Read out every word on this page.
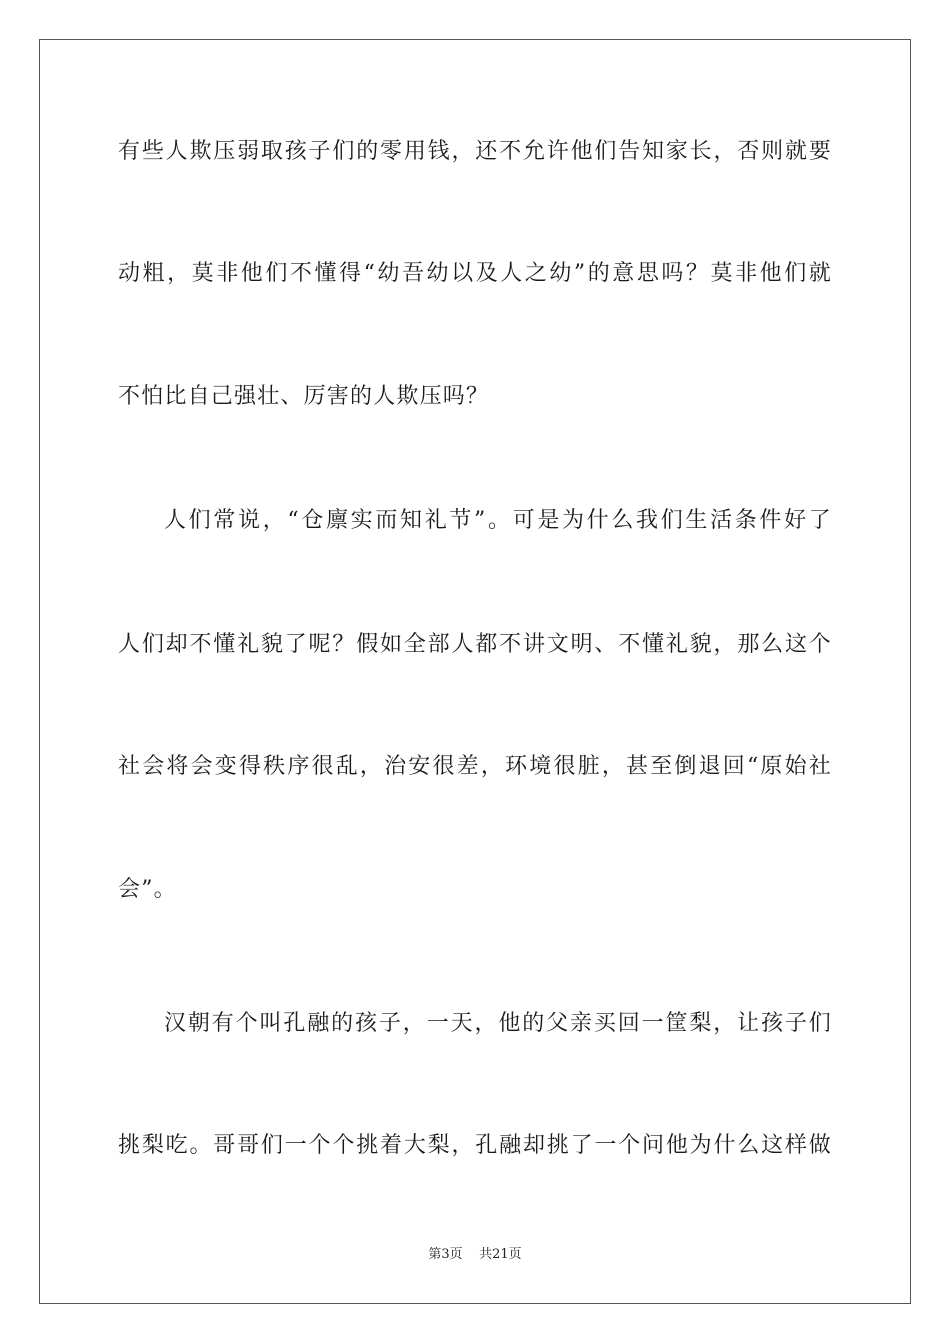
有些人欺压弱取孩子们的零用钱，还不允许他们告知家长，否则就要
动粗，莫非他们不懂得“幼吾幼以及人之幼”的意思吗？莫非他们就
不怕比自己强壮、厉害的人欺压吗？
人们常说，“仓廪实而知礼节”。可是为什么我们生活条件好了
人们却不懂礼貌了呢？假如全部人都不讲文明、不懂礼貌，那么这个
社会将会变得秩序很乱，治安很差，环境很脏，甚至倒退回“原始社
会”。
汉朝有个叫孔融的孩子，一天，他的父亲买回一筐梨，让孩子们
挑梨吃。哥哥们一个个挑着大梨，孔融却挑了一个问他为什么这样做
第3页 共21页
